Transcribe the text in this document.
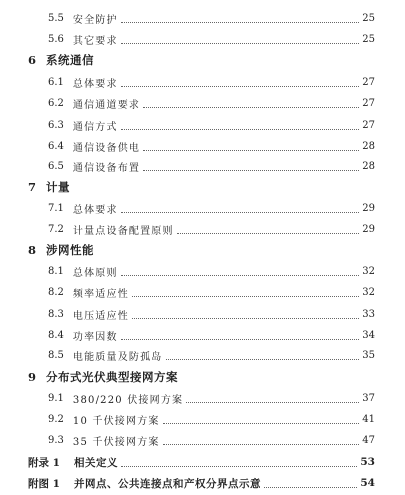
5.5 安全防护	25
5.6 其它要求	25
6 系统通信
6.1 总体要求	27
6.2 通信通道要求	27
6.3 通信方式	27
6.4 通信设备供电	28
6.5 通信设备布置	28
7 计量
7.1 总体要求	29
7.2 计量点设备配置原则	29
8 涉网性能
8.1 总体原则	32
8.2 频率适应性	32
8.3 电压适应性	33
8.4 功率因数	34
8.5 电能质量及防孤岛	35
9 分布式光伏典型接网方案
9.1 380/220 伏接网方案	37
9.2 10 千伏接网方案	41
9.3 35 千伏接网方案	47
附录 1	相关定义	53
附图 1	并网点、公共连接点和产权分界点示意	54
